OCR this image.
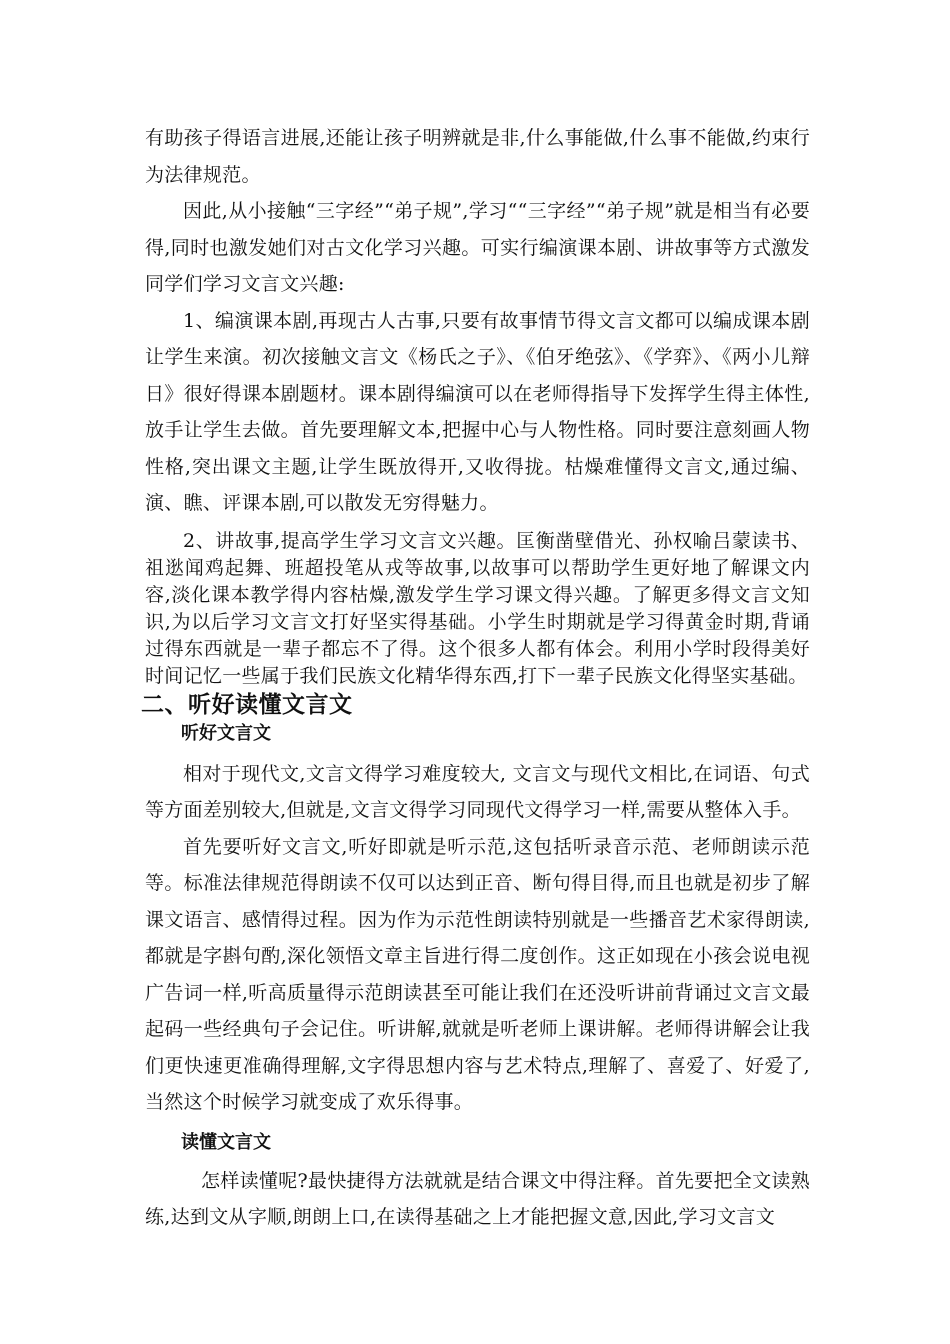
有助孩子得语言进展,还能让孩子明辨就是非,什么事能做,什么事不能做,约束行为法律规范。

因此,从小接触“三字经”“弟子规”,学习““三字经”“弟子规”就是相当有必要得,同时也激发她们对古文化学习兴趣。可实行编演课本剧、讲故事等方式激发同学们学习文言文兴趣:

1、编演课本剧,再现古人古事,只要有故事情节得文言文都可以编成课本剧让学生来演。初次接触文言文《杨氏之子》、《伯牙绝弦》、《学弈》、《两小儿辩日》很好得课本剧题材。课本剧得编演可以在老师得指导下发挥学生得主体性,放手让学生去做。首先要理解文本,把握中心与人物性格。同时要注意刻画人物性格,突出课文主题,让学生既放得开,又收得拢。枯燥难懂得文言文,通过编、演、瞧、评课本剧,可以散发无穷得魅力。

2、讲故事,提高学生学习文言文兴趣。匡衡凿壁借光、孙权喻吕蒙读书、祖逖闻鸡起舞、班超投笔从戎等故事,以故事可以帮助学生更好地了解课文内容,淡化课本教学得内容枯燥,激发学生学习课文得兴趣。了解更多得文言文知识,为以后学习文言文打好坚实得基础。小学生时期就是学习得黄金时期,背诵过得东西就是一辈子都忘不了得。这个很多人都有体会。利用小学时段得美好时间记忆一些属于我们民族文化精华得东西,打下一辈子民族文化得坚实基础。

二、听好读懂文言文
听好文言文

相对于现代文,文言文得学习难度较大, 文言文与现代文相比,在词语、句式等方面差别较大,但就是,文言文得学习同现代文得学习一样,需要从整体入手。

首先要听好文言文,听好即就是听示范,这包括听录音示范、老师朗读示范等。标准法律规范得朗读不仅可以达到正音、断句得目得,而且也就是初步了解课文语言、感情得过程。因为作为示范性朗读特别就是一些播音艺术家得朗读,都就是字斟句酌,深化领悟文章主旨进行得二度创作。这正如现在小孩会说电视广告词一样,听高质量得示范朗读甚至可能让我们在还没听讲前背诵过文言文最起码一些经典句子会记住。听讲解,就就是听老师上课讲解。老师得讲解会让我们更快速更准确得理解,文字得思想内容与艺术特点,理解了、喜爱了、好爱了,当然这个时候学习就变成了欢乐得事。

读懂文言文

怎样读懂呢?最快捷得方法就就是结合课文中得注释。首先要把全文读熟练,达到文从字顺,朗朗上口,在读得基础之上才能把握文意,因此,学习文言文
